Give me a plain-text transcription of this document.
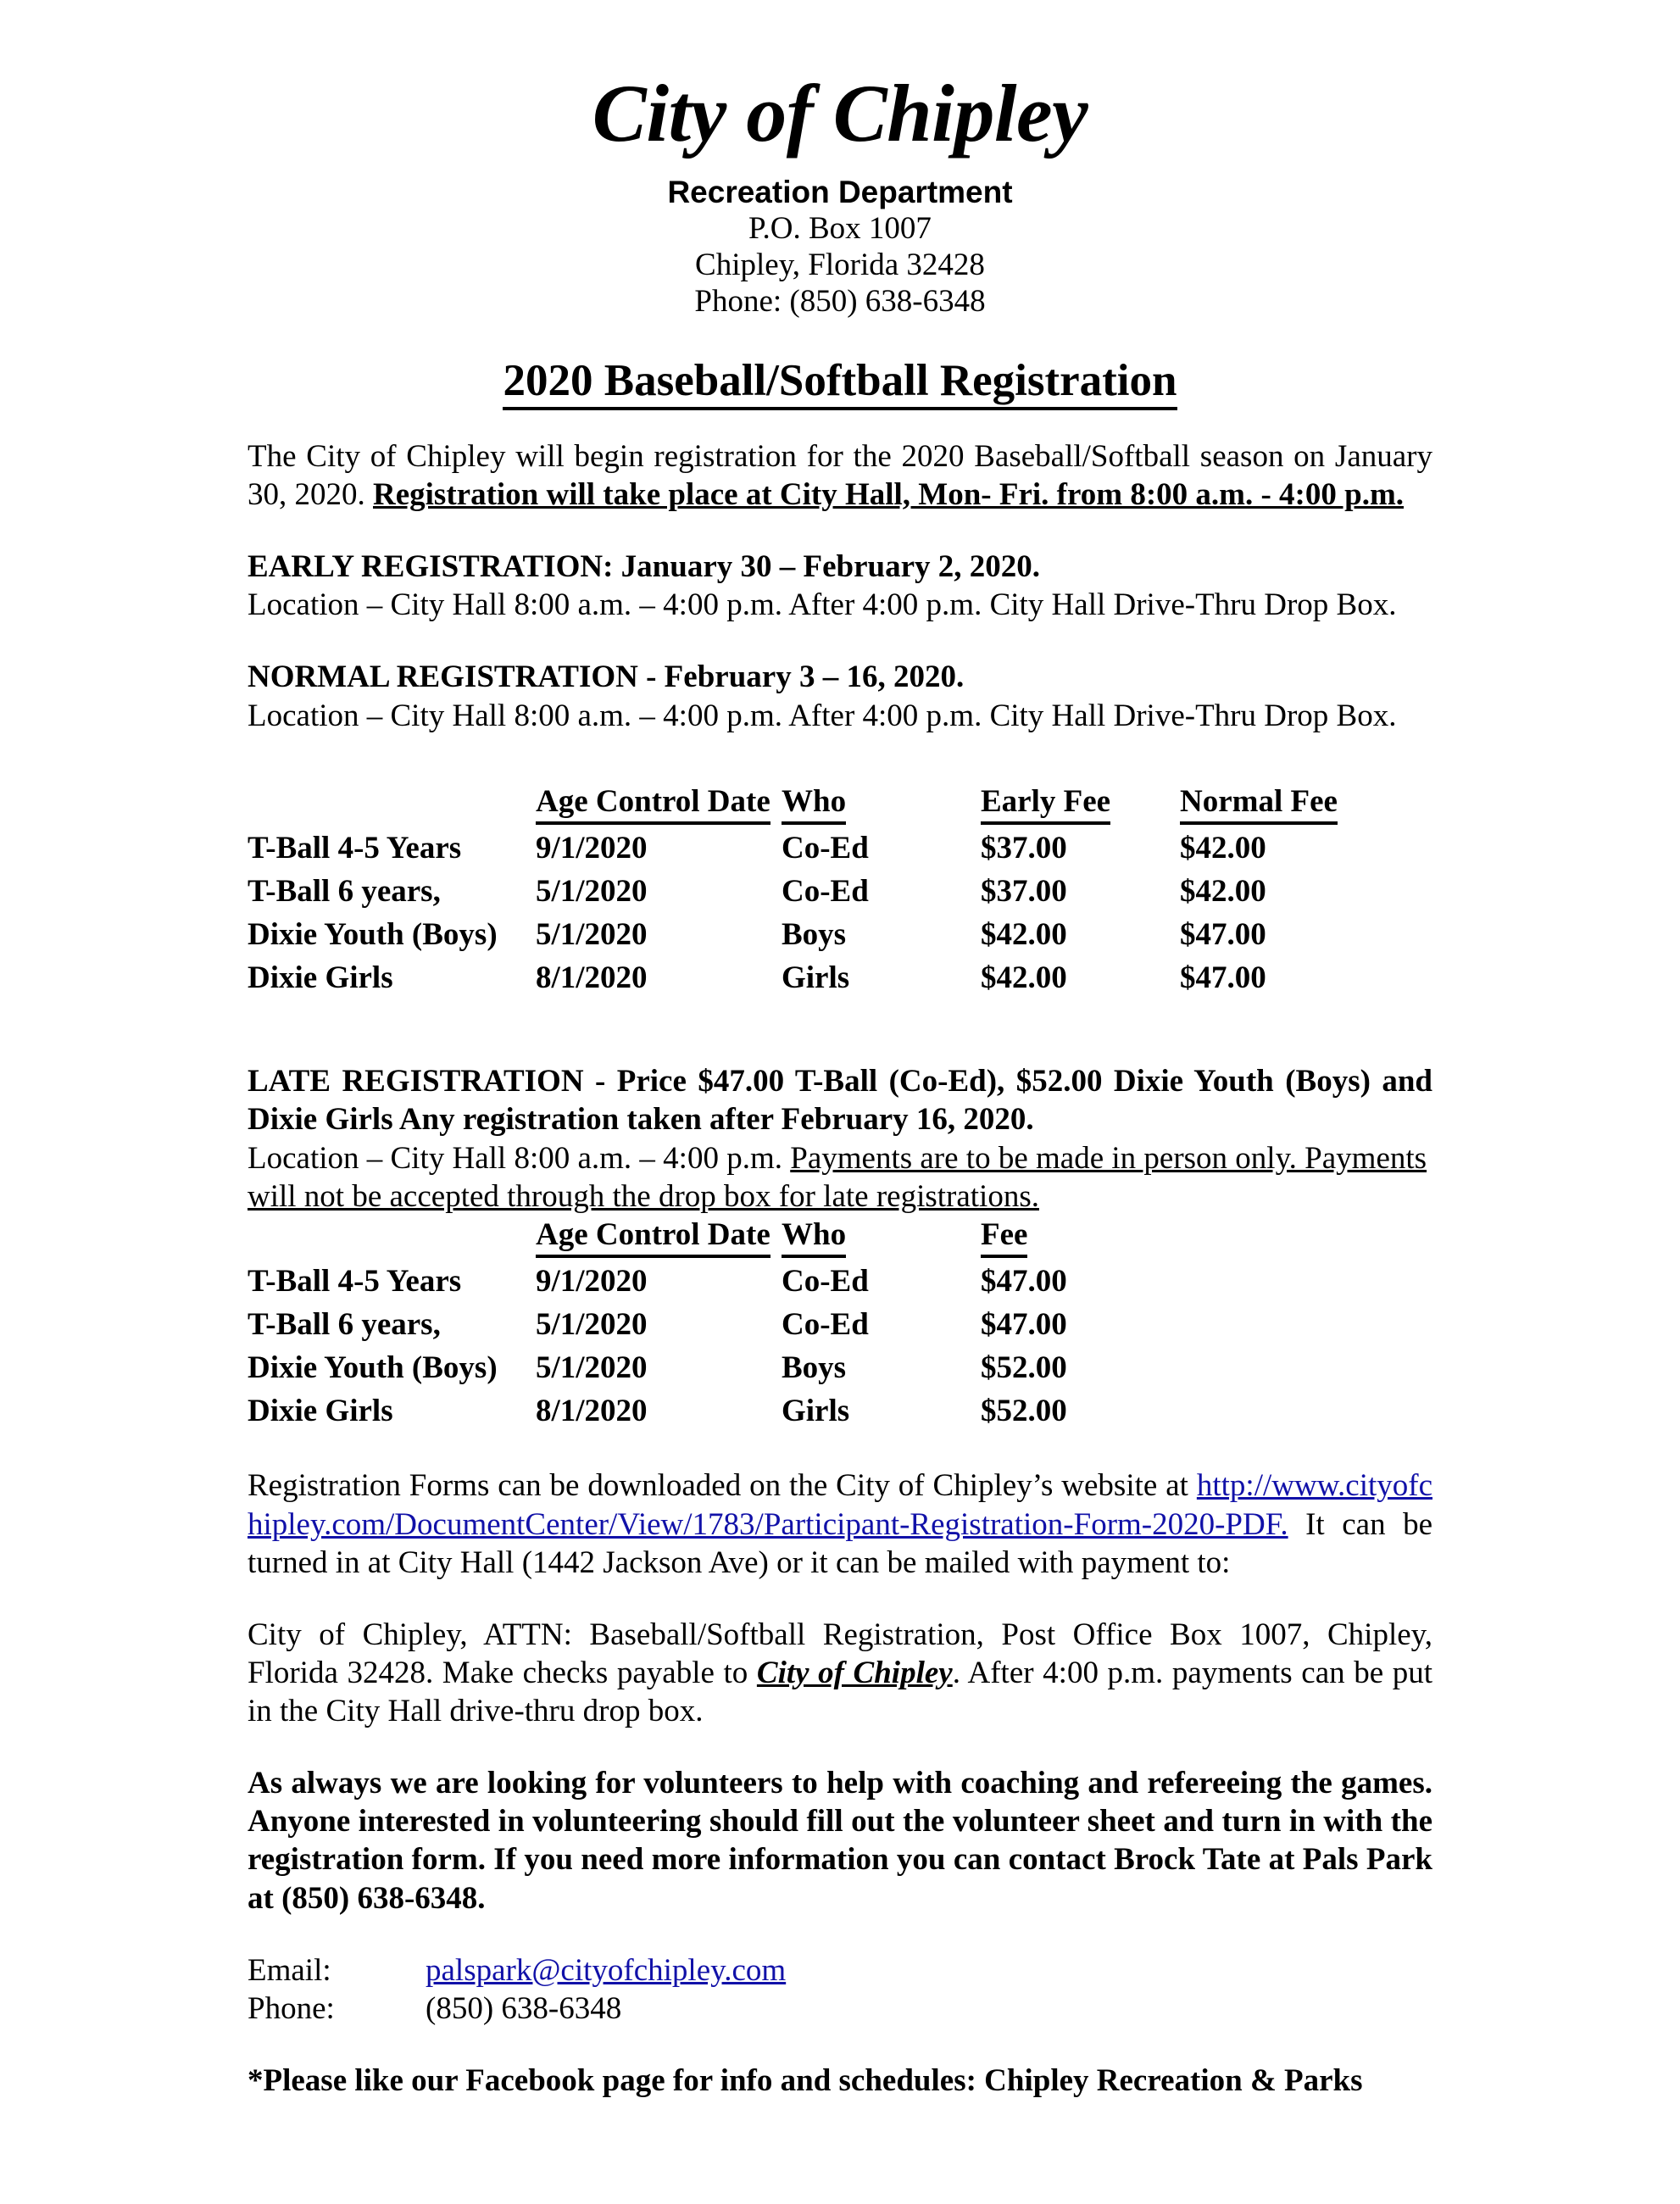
City of Chipley
Recreation Department
P.O. Box 1007
Chipley, Florida 32428
Phone: (850) 638-6348
2020 Baseball/Softball Registration

The City of Chipley will begin registration for the 2020 Baseball/Softball season on January 30, 2020. Registration will take place at City Hall, Mon- Fri. from 8:00 a.m. - 4:00 p.m.

EARLY REGISTRATION: January 30 – February 2, 2020.

Location – City Hall 8:00 a.m. – 4:00 p.m. After 4:00 p.m. City Hall Drive-Thru Drop Box.

NORMAL REGISTRATION - February 3 – 16, 2020.

Location – City Hall 8:00 a.m. – 4:00 p.m. After 4:00 p.m. City Hall Drive-Thru Drop Box.

	Age Control Date	Who	Early Fee	Normal Fee
T-Ball 4-5 Years	9/1/2020	Co-Ed	$37.00	$42.00
T-Ball 6 years,	5/1/2020	Co-Ed	$37.00	$42.00
Dixie Youth (Boys)	5/1/2020	Boys	$42.00	$47.00
Dixie Girls	8/1/2020	Girls	$42.00	$47.00

LATE REGISTRATION - Price $47.00 T-Ball (Co-Ed), $52.00 Dixie Youth (Boys) and Dixie Girls Any registration taken after February 16, 2020.

Location – City Hall 8:00 a.m. – 4:00 p.m. Payments are to be made in person only. Payments will not be accepted through the drop box for late registrations.

	Age Control Date	Who	Fee	
T-Ball 4-5 Years	9/1/2020	Co-Ed	$47.00	
T-Ball 6 years,	5/1/2020	Co-Ed	$47.00	
Dixie Youth (Boys)	5/1/2020	Boys	$52.00	
Dixie Girls	8/1/2020	Girls	$52.00	

Registration Forms can be downloaded on the City of Chipley’s website at http://www.cityofchipley.com/DocumentCenter/View/1783/Participant-Registration-Form-2020-PDF. It can be turned in at City Hall (1442 Jackson Ave) or it can be mailed with payment to:

City of Chipley, ATTN: Baseball/Softball Registration, Post Office Box 1007, Chipley, Florida 32428. Make checks payable to City of Chipley. After 4:00 p.m. payments can be put in the City Hall drive-thru drop box.

As always we are looking for volunteers to help with coaching and refereeing the games. Anyone interested in volunteering should fill out the volunteer sheet and turn in with the registration form. If you need more information you can contact Brock Tate at Pals Park at (850) 638-6348.

Email:	palspark@cityofchipley.com
Phone:	(850) 638-6348
*Please like our Facebook page for info and schedules: Chipley Recreation & Parks
